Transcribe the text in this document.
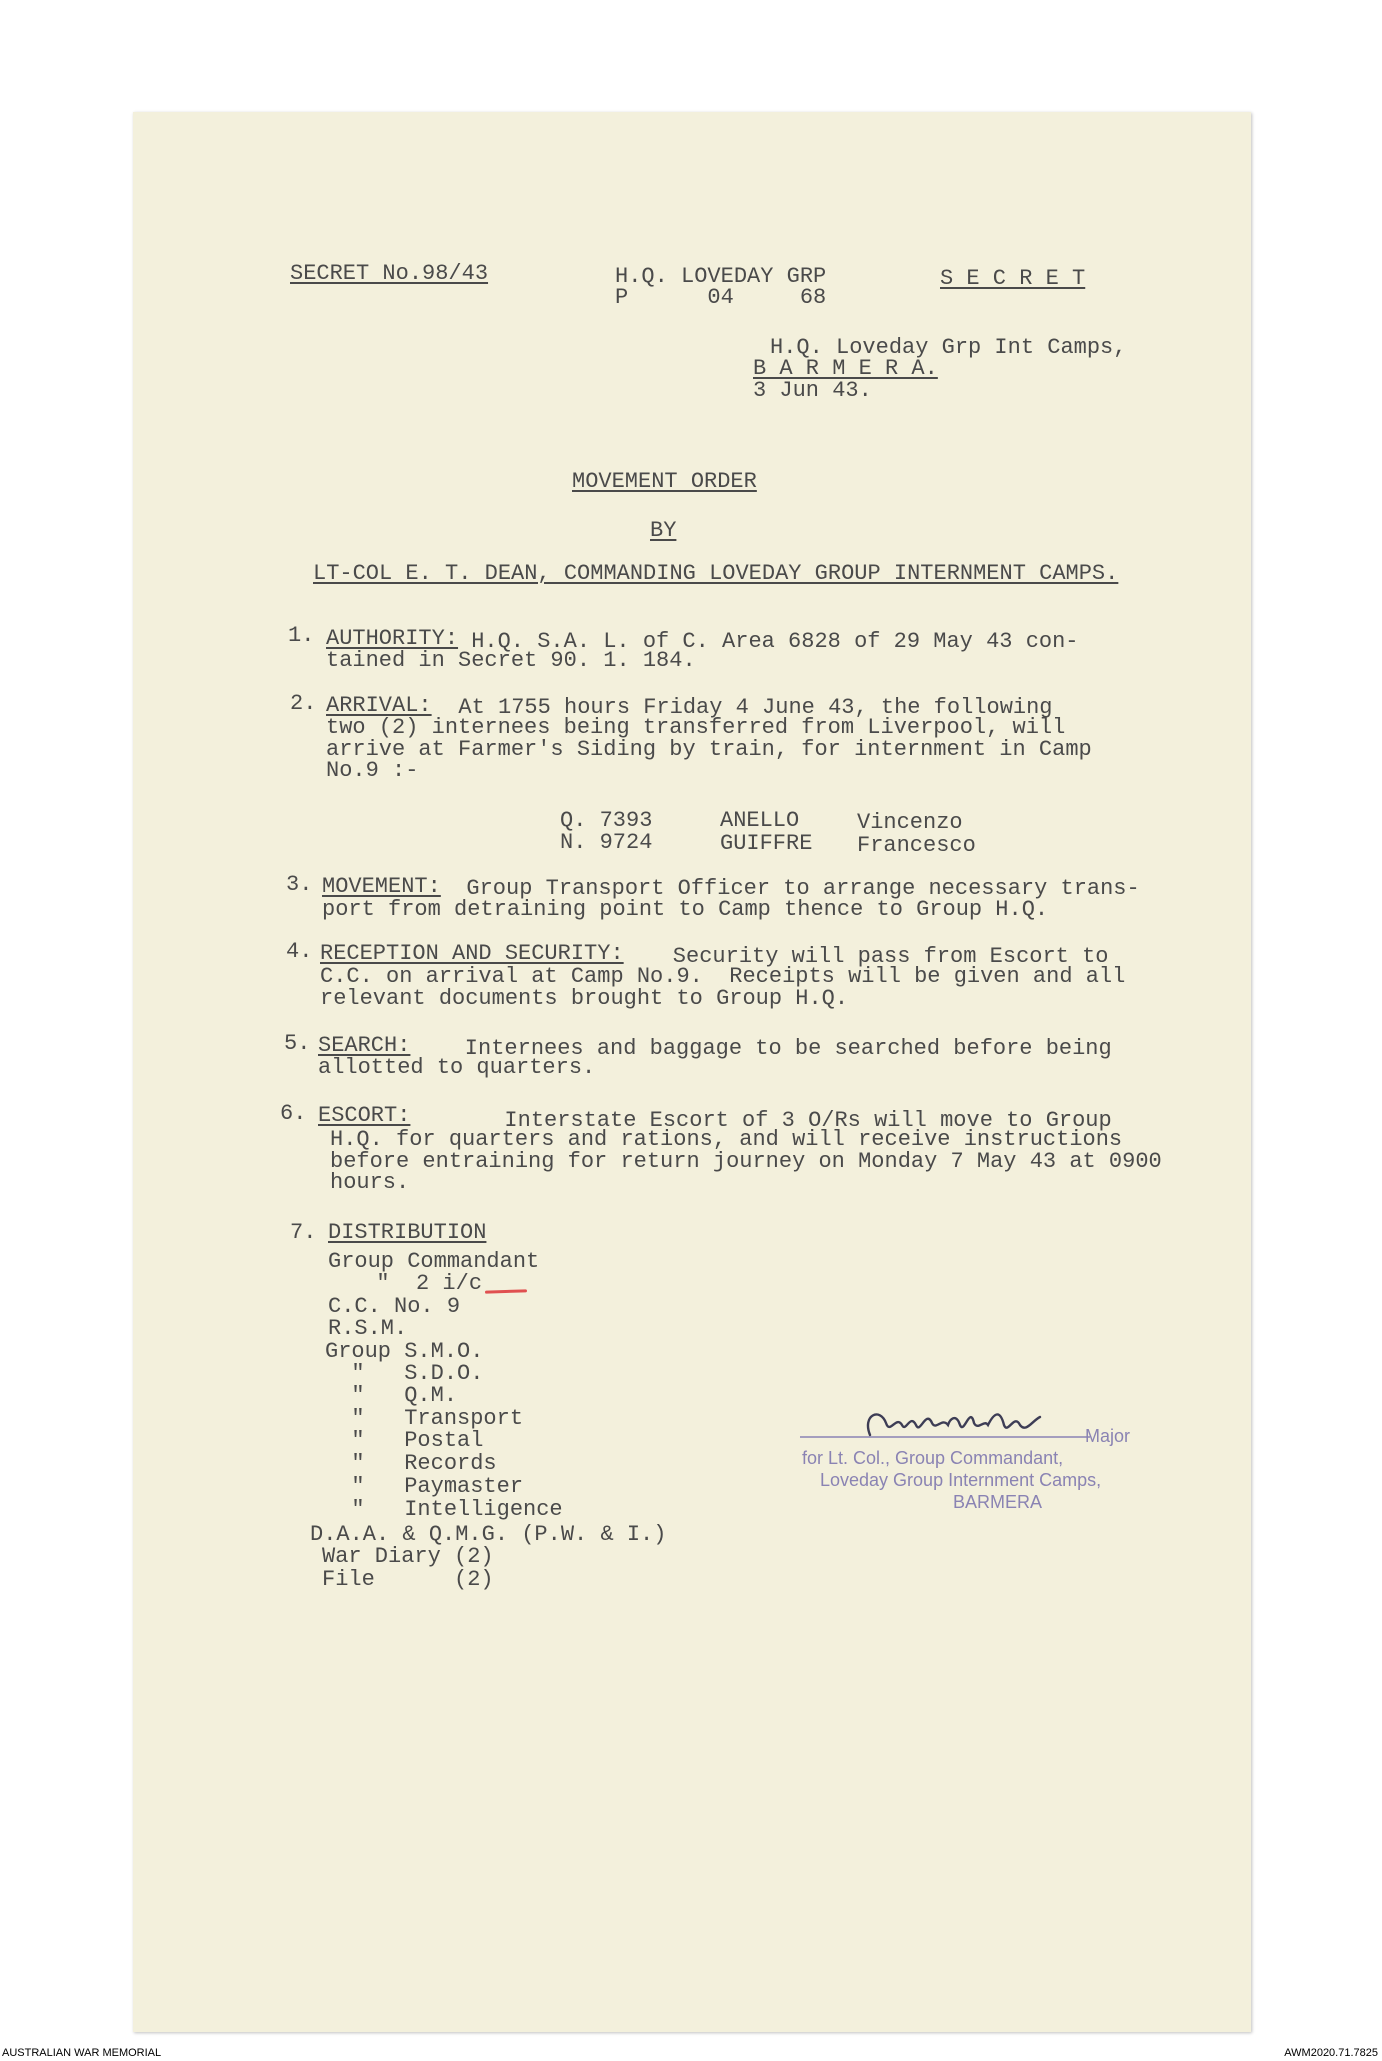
SECRET No.98/43	H.Q. LOVEDAY GRP
P      04     68
S E C R E T
H.Q. Loveday Grp Int Camps,
B A R M E R A.
3 Jun 43.
MOVEMENT ORDER
BY
LT-COL E. T. DEAN, COMMANDING LOVEDAY GROUP INTERNMENT CAMPS.
1. AUTHORITY: H.Q. S.A. L. of C. Area 6828 of 29 May 43 con-
tained in Secret 90. 1. 184.
2. ARRIVAL: At 1755 hours Friday 4 June 43, the following
two (2) internees being transferred from Liverpool, will
arrive at Farmer's Siding by train, for internment in Camp
No.9 :-
Q. 7393	ANELLO	Vincenzo
N. 9724	GUIFFRE Francesco
3. MOVEMENT: Group Transport Officer to arrange necessary trans-
port from detraining point to Camp thence to Group H.Q.
4. RECEPTION AND SECURITY:
Security will pass from Escort to
C.C. on arrival at Camp No.9.  Receipts will be given and all
relevant documents brought to Group H.Q.
5. SEARCH: Internees and baggage to be searched before being
allotted to quarters.
6. ESCORT: Interstate Escort of 3 O/Rs will move to Group
H.Q. for quarters and rations, and will receive instructions
before entraining for return journey on Monday 7 May 43 at 0900
hours.
7. DISTRIBUTION
Group Commandant
"  2 i/c
C.C. No. 9
R.S.M.
Group S.M.O.
"   S.D.O.
"   Q.M.
"   Transport
"   Postal
"   Records
"   Paymaster
"   Intelligence
D.A.A. & Q.M.G. (P.W. & I.)
War Diary (2)
File      (2)
Major
for Lt. Col., Group Commandant,
Loveday Group Internment Camps,
BARMERA
AUSTRALIAN WAR MEMORIAL	AWM2020.71.7825
